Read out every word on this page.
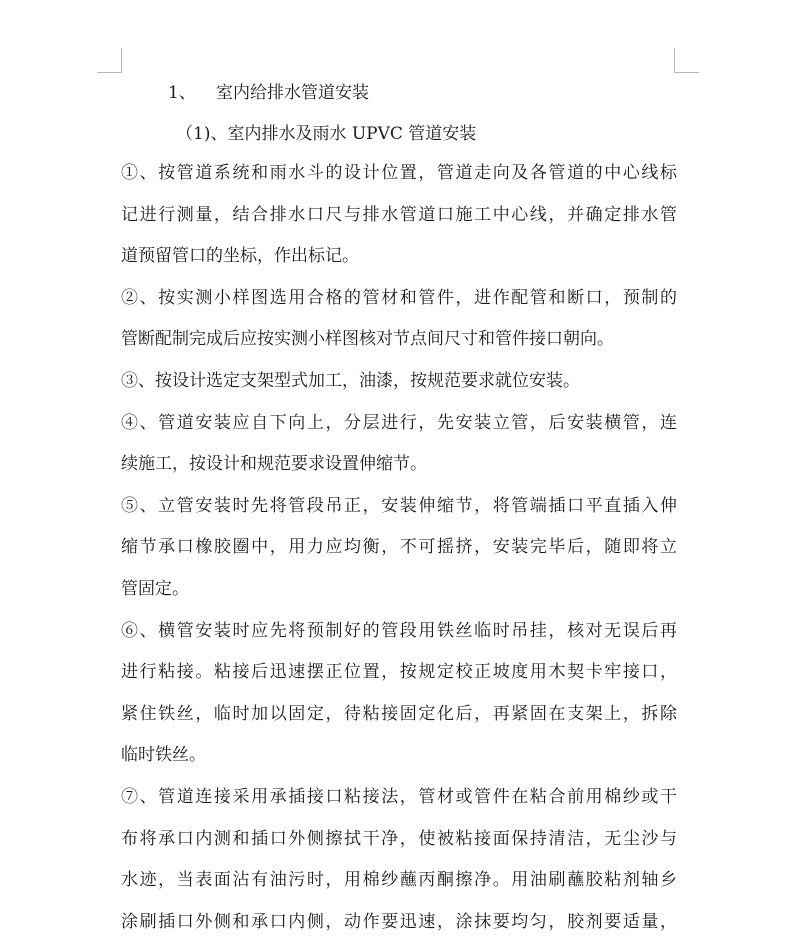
1、 室内给排水管道安装
（1)、室内排水及雨水 UPVC 管道安装

①、按管道系统和雨水斗的设计位置，管道走向及各管道的中心线标
记进行测量，结合排水口尺与排水管道口施工中心线，并确定排水管
道预留管口的坐标，作出标记。

②、按实测小样图选用合格的管材和管件，进作配管和断口，预制的
管断配制完成后应按实测小样图核对节点间尺寸和管件接口朝向。

③、按设计选定支架型式加工，油漆，按规范要求就位安装。

④、管道安装应自下向上，分层进行，先安装立管，后安装横管，连
续施工，按设计和规范要求设置伸缩节。

⑤、立管安装时先将管段吊正，安装伸缩节，将管端插口平直插入伸
缩节承口橡胶圈中，用力应均衡，不可摇挤，安装完毕后，随即将立
管固定。

⑥、横管安装时应先将预制好的管段用铁丝临时吊挂，核对无误后再
进行粘接。粘接后迅速摆正位置，按规定校正坡度用木契卡牢接口，
紧住铁丝，临时加以固定，待粘接固定化后，再紧固在支架上，拆除
临时铁丝。

⑦、管道连接采用承插接口粘接法，管材或管件在粘合前用棉纱或干
布将承口内测和插口外侧擦拭干净，使被粘接面保持清洁，无尘沙与
水迹，当表面沾有油污时，用棉纱蘸丙酮擦净。用油刷蘸胶粘剂轴乡
涂刷插口外侧和承口内侧，动作要迅速，涂抹要均匀，胶剂要适量，
